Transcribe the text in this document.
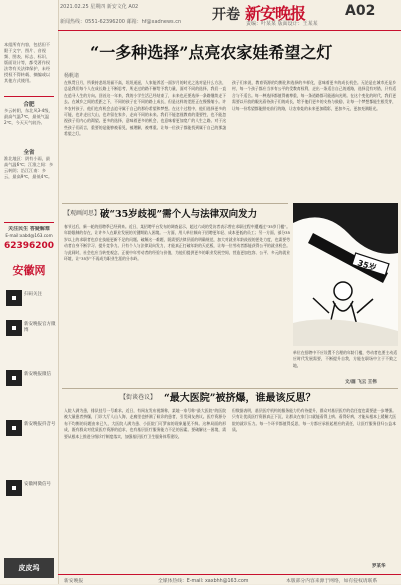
本组所有内容，包括但不限于文字、图片、音视频、图表、标志、标识、版面设计等，都受著作权法等有关法律保护，未经授权不得转载、摘编或以其他方式使用。
合肥
多云转阴，东北风3-4级，最高气温7℃，最低气温2℃，今天天气较冷。
全省
淮北地区：阴有小雨，最高气温6℃；江淮之间：多云转阴；沿江江南：多云，最高9℃，最低4℃。
关注民生 答疑解难
E-mail:xabd@163.com
62396200
安徽网
扫码关注
新安晚报官方微博
新安晚报微信
新安晚报抖音号
安徽网微信号
皮皮坞
2021.02.25 星期四 新安文化 A02
新闻热线：0551-62396200 邮箱：hf@xadnews.cn 开卷 新安晚报	A02
责编：叶某某 版面设计：王某某
“一多种选择”点亮农家娃希望之灯
杨帆诸
在纵贯日月，所秉持悲坦坦福不高，坦坦遥遥，人家能养活一面岁月的时光之选对是什么方法，总是我们每个人在成长路上不断思考，所走过的路不断给予我力量，面对不同的选择，我们一直在追寻人生的方向。回首这一年来，我的小学生活已经结束了，未来也还要选择一条路继续走下去。在城乡之间的差距之下，不同的孩子在不同的路上成长，但是这样的差距正在慢慢缩小。许多农村孩子，他们也有机会去追寻属于自己的那份希望和梦想。在这个过程中，他们选择更多的可能，也许走出大山，也许留在家乡，走向不同的未来。我们不能忽视教育的重要性，也不能忽视孩子们内心的渴望。更多的选择，意味着更多的机会，也意味着更加宽广的人生之路。对于这些孩子们而言，重要的是能够被看见，被理解，被尊重。让每一位孩子都能找到属于自己的那盏希望之灯。
孩子们来说，教育资源的均衡化和选择的多样化，意味着更多的成长机会。无论是在城市还是乡村，每一个孩子都应当享有公平的受教育权利，走出一条适合自己的道路，选择没有对错，只有适合与不适合。每一种选择都值得被尊重，每一条道路都可能通向光明。在这个变化的时代，我们更需要以开放的眼光看待孩子们的成长，给予他们更多的支持与鼓励，让每一个梦想都能生根发芽，让每一份希望都能照亮前行的路，让农家娃的未来更加精彩，更加多元，更加充满阳光。
【观画问思】 破“35岁歧视”需个人与法律双向发力
春节过后，新一轮的招聘季已经到来。近日，某招聘平台发布的调查显示，超过六成的受访者表示曾在求职过程中遭遇过“35岁门槛”。年龄限制的存在，让许多人在职业发展的关键期陷入困境。一方面，用人单位倾向于招聘更年轻、成本更低的员工；另一方面，部分35岁以上的求职者也存在技能更新不足的问题。破解这一难题，既需要法律层面的明确规范，加大对就业年龄歧视的惩处力度，也需要劳动者自身不断学习、提升竞争力。只有个人与法律双向发力，才能真正打破年龄的天花板，让每一位劳动者都能获得公平的就业机会。与此同时，社会也应当转变观念，正视中年劳动者的经验与价值，为他们提供更多的职业发展空间，营造更加包容、公平、多元的就业环境，让“35岁”不再成为职业生涯的分水岭。	35岁
单位在招聘中不应设置不合理的年龄门槛，劳动者也要主动适应时代发展需要，不断提升自我，方能在职场中立于不败之地。
文/画 飞云 王伟
【街谈巷议】 “最大医院”被挤爆，谁最该反思？
入院人满为患，排队挂号一号难求。近日，有网友发布视频称，某地一家号称“最大医院”的医院被大量患者挤爆，门诊大厅人山人海，走廊里也挤满了候诊的患者，引发网友热议。医疗资源分布不均衡的问题由来已久，大医院人满为患、小医院门可罗雀的现象屡见不鲜。这种局面的形成，既有群众对优质医疗资源的追求，也有基层医疗服务能力不足的因素。要破解这一困境，需要从根本上推进分级诊疗制度落实，加强基层医疗卫生服务体系建设。
但数据表明，基层医疗机构的服务能力仍有待提升，群众对基层医疗的信任度也需要进一步增强。只有让优质医疗资源真正下沉，让群众在家门口就能看得上病、看得好病，才能从根本上缓解大医院的就诊压力。每一个环节都值得反思，每一方都应承担起相应的责任，让医疗服务回归公益本质。
罗某华
新安晚报	全媒体热线：E-mail: xaxbhh@163.com	本版部分内容来源于网络，如有侵权请联系
